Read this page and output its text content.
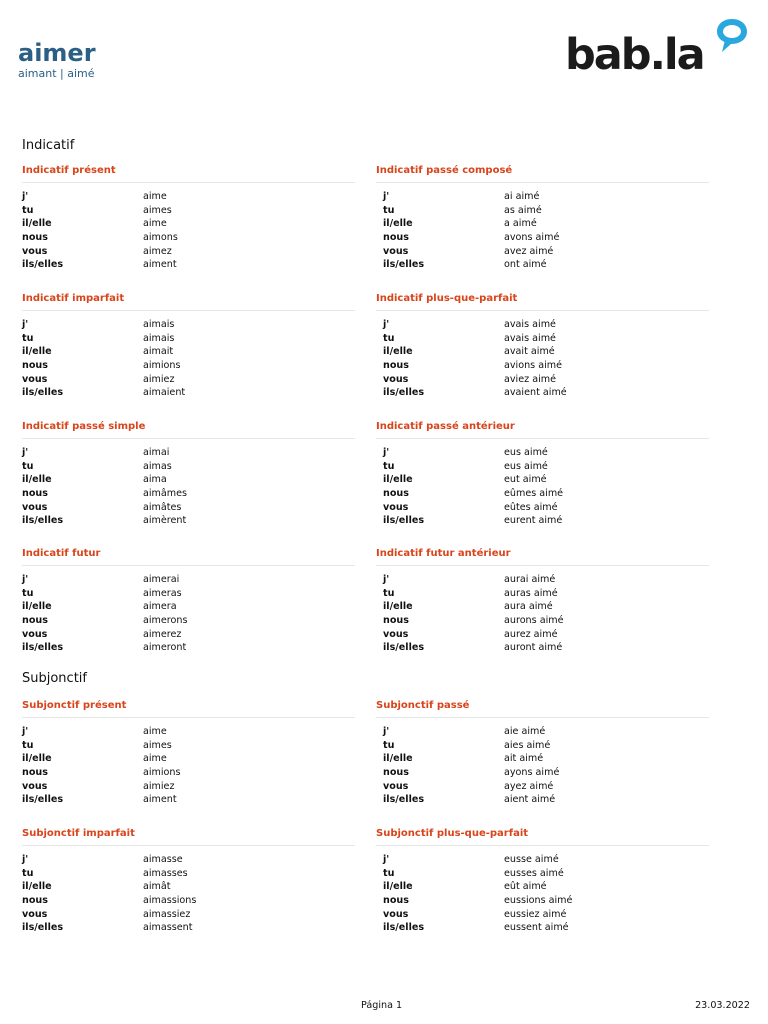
aimer
aimant | aimé	bab.la
Indicatif
Indicatif présent
j'	aime
tu	aimes
il/elle	aime
nous	aimons
vous	aimez
ils/elles	aiment
Indicatif passé composé
j'	ai aimé
tu	as aimé
il/elle	a aimé
nous	avons aimé
vous	avez aimé
ils/elles	ont aimé
Indicatif imparfait
j'	aimais
tu	aimais
il/elle	aimait
nous	aimions
vous	aimiez
ils/elles	aimaient
Indicatif plus-que-parfait
j'	avais aimé
tu	avais aimé
il/elle	avait aimé
nous	avions aimé
vous	aviez aimé
ils/elles	avaient aimé
Indicatif passé simple
j'	aimai
tu	aimas
il/elle	aima
nous	aimâmes
vous	aimâtes
ils/elles	aimèrent
Indicatif passé antérieur
j'	eus aimé
tu	eus aimé
il/elle	eut aimé
nous	eûmes aimé
vous	eûtes aimé
ils/elles	eurent aimé
Indicatif futur
j'	aimerai
tu	aimeras
il/elle	aimera
nous	aimerons
vous	aimerez
ils/elles	aimeront
Indicatif futur antérieur
j'	aurai aimé
tu	auras aimé
il/elle	aura aimé
nous	aurons aimé
vous	aurez aimé
ils/elles	auront aimé
Subjonctif
Subjonctif présent
j'	aime
tu	aimes
il/elle	aime
nous	aimions
vous	aimiez
ils/elles	aiment
Subjonctif passé
j'	aie aimé
tu	aies aimé
il/elle	ait aimé
nous	ayons aimé
vous	ayez aimé
ils/elles	aient aimé
Subjonctif imparfait
j'	aimasse
tu	aimasses
il/elle	aimât
nous	aimassions
vous	aimassiez
ils/elles	aimassent
Subjonctif plus-que-parfait
j'	eusse aimé
tu	eusses aimé
il/elle	eût aimé
nous	eussions aimé
vous	eussiez aimé
ils/elles	eussent aimé
Página 1	23.03.2022
